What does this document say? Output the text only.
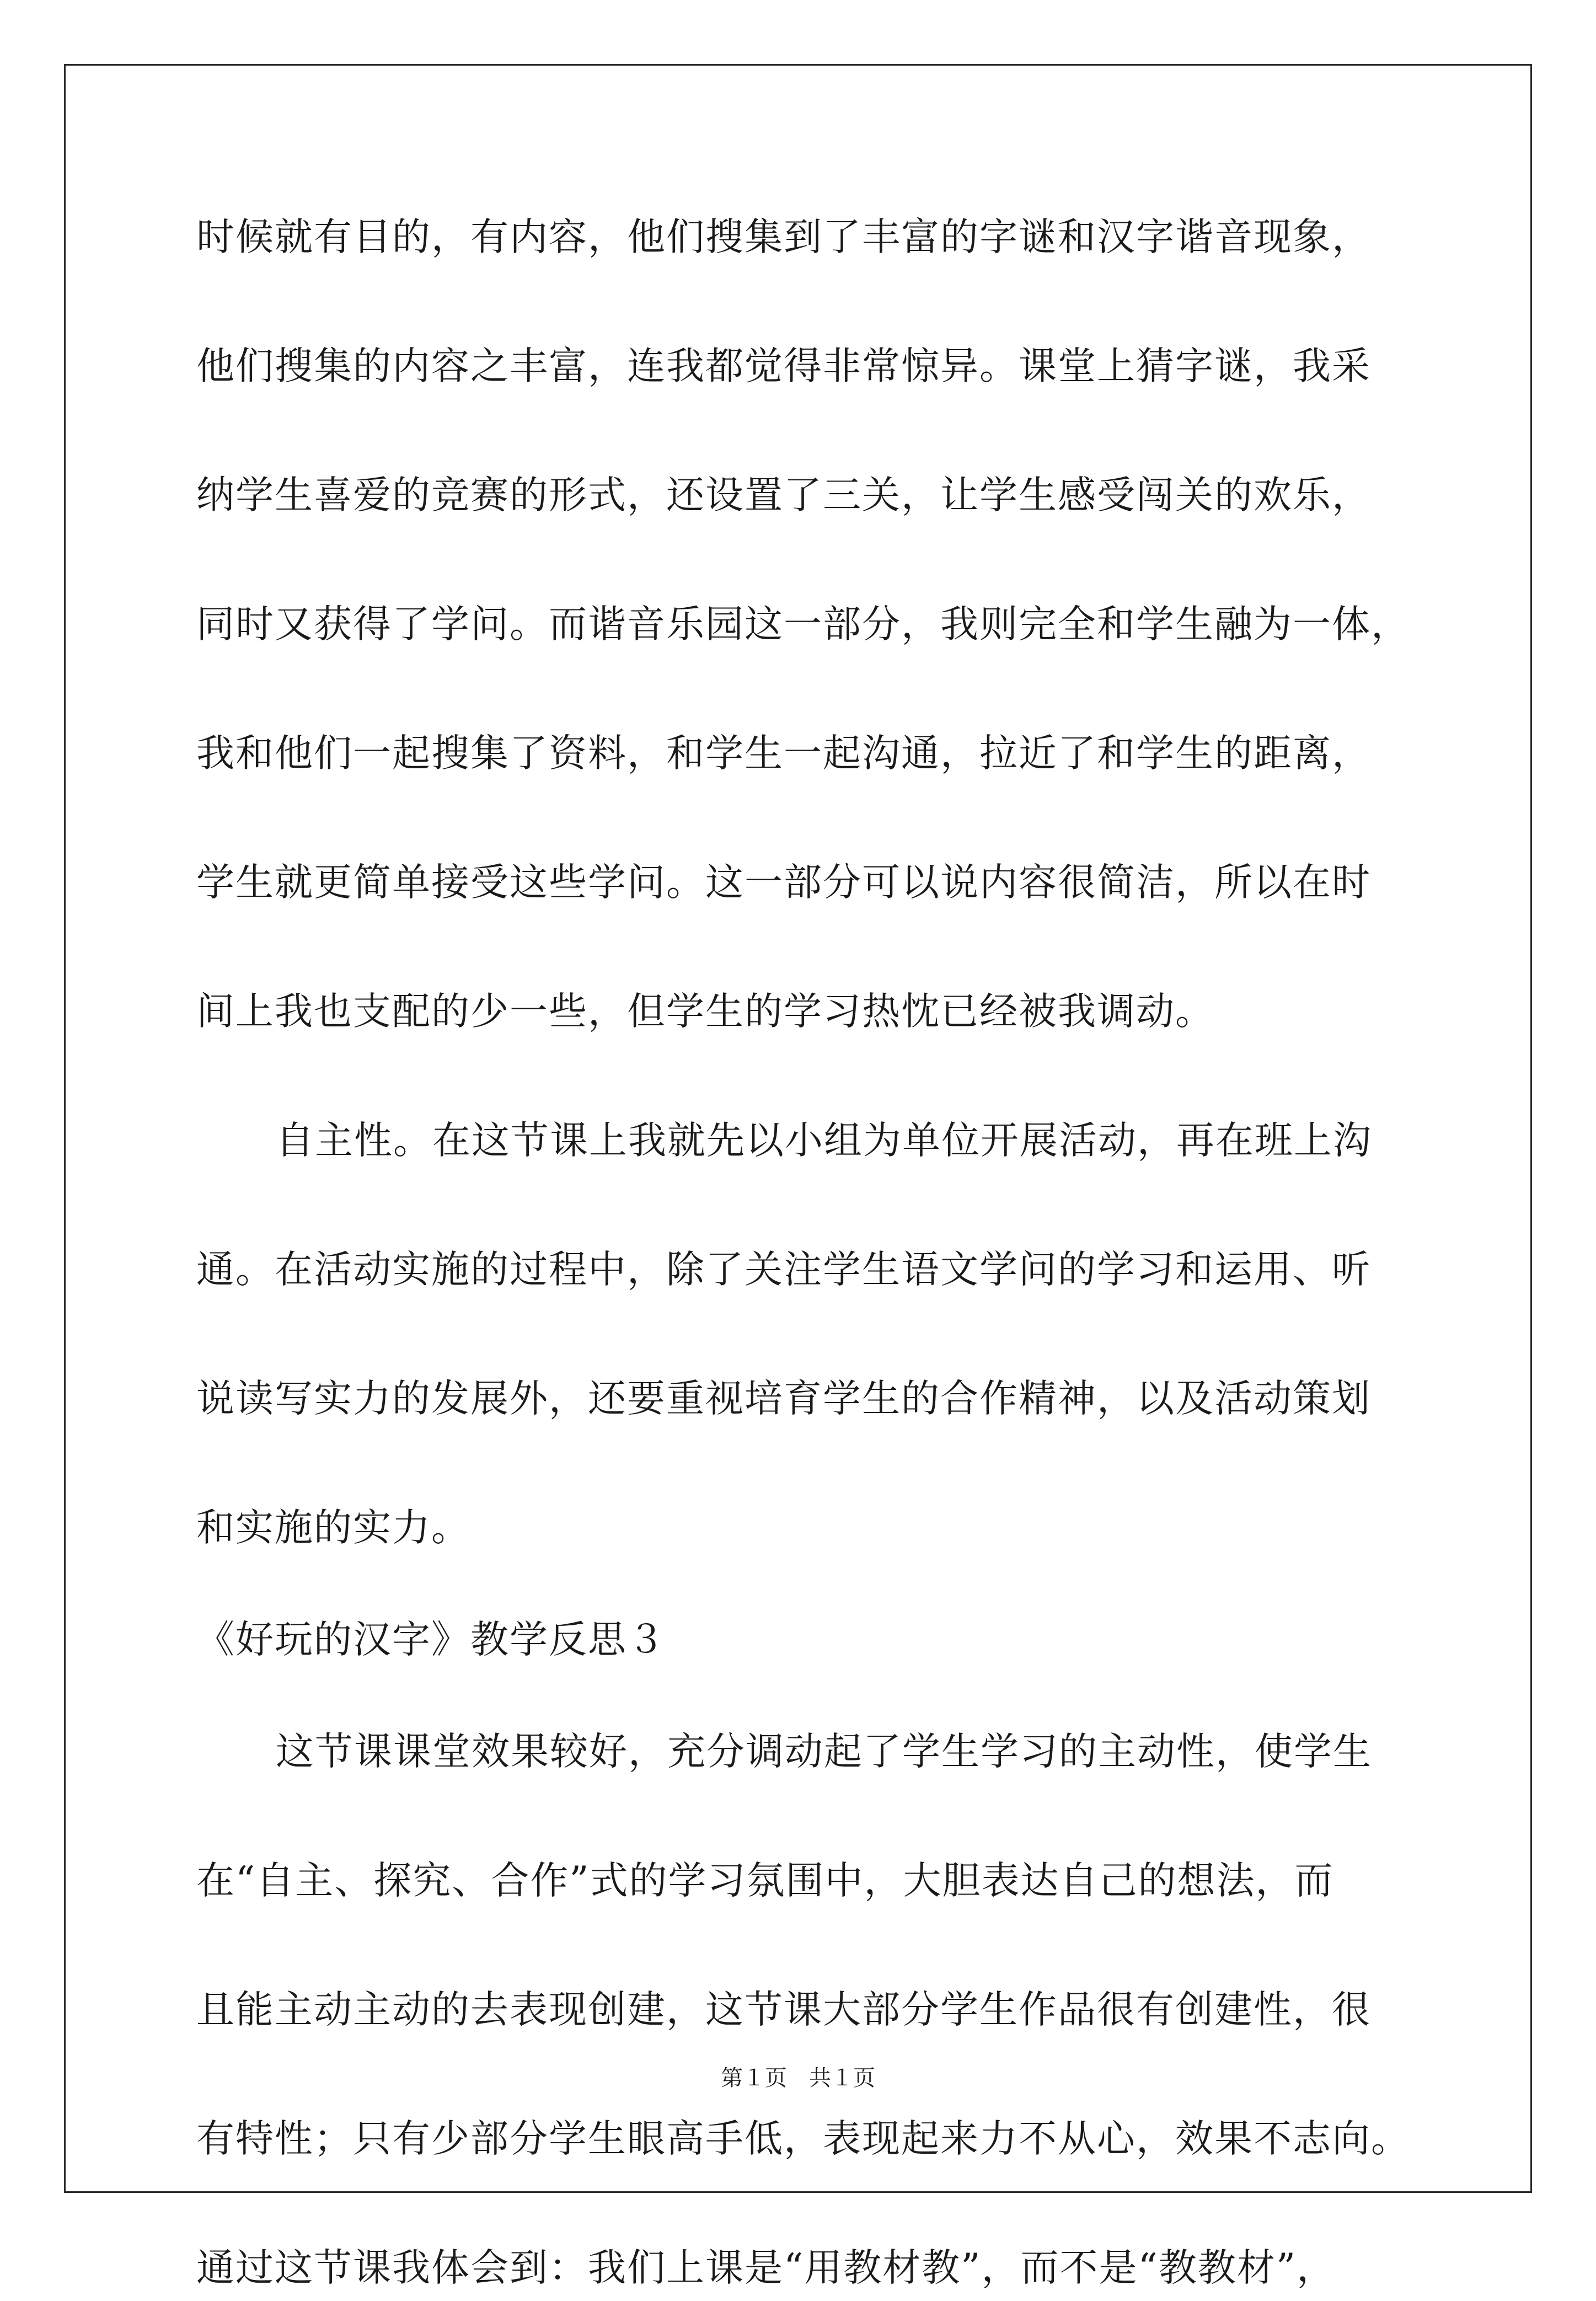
时候就有目的，有内容，他们搜集到了丰富的字谜和汉字谐音现象，
他们搜集的内容之丰富，连我都觉得非常惊异。课堂上猜字谜，我采
纳学生喜爱的竞赛的形式，还设置了三关，让学生感受闯关的欢乐，
同时又获得了学问。而谐音乐园这一部分，我则完全和学生融为一体，
我和他们一起搜集了资料，和学生一起沟通，拉近了和学生的距离，
学生就更简单接受这些学问。这一部分可以说内容很简洁，所以在时
间上我也支配的少一些，但学生的学习热忱已经被我调动。
自主性。在这节课上我就先以小组为单位开展活动，再在班上沟
通。在活动实施的过程中，除了关注学生语文学问的学习和运用、听
说读写实力的发展外，还要重视培育学生的合作精神，以及活动策划
和实施的实力。
《好玩的汉字》教学反思３
这节课课堂效果较好，充分调动起了学生学习的主动性，使学生
在“自主、探究、合作”式的学习氛围中，大胆表达自己的想法，而
且能主动主动的去表现创建，这节课大部分学生作品很有创建性，很
有特性；只有少部分学生眼高手低，表现起来力不从心，效果不志向。
通过这节课我体会到：我们上课是“用教材教”，而不是“教教材”，
第１页　共１页
